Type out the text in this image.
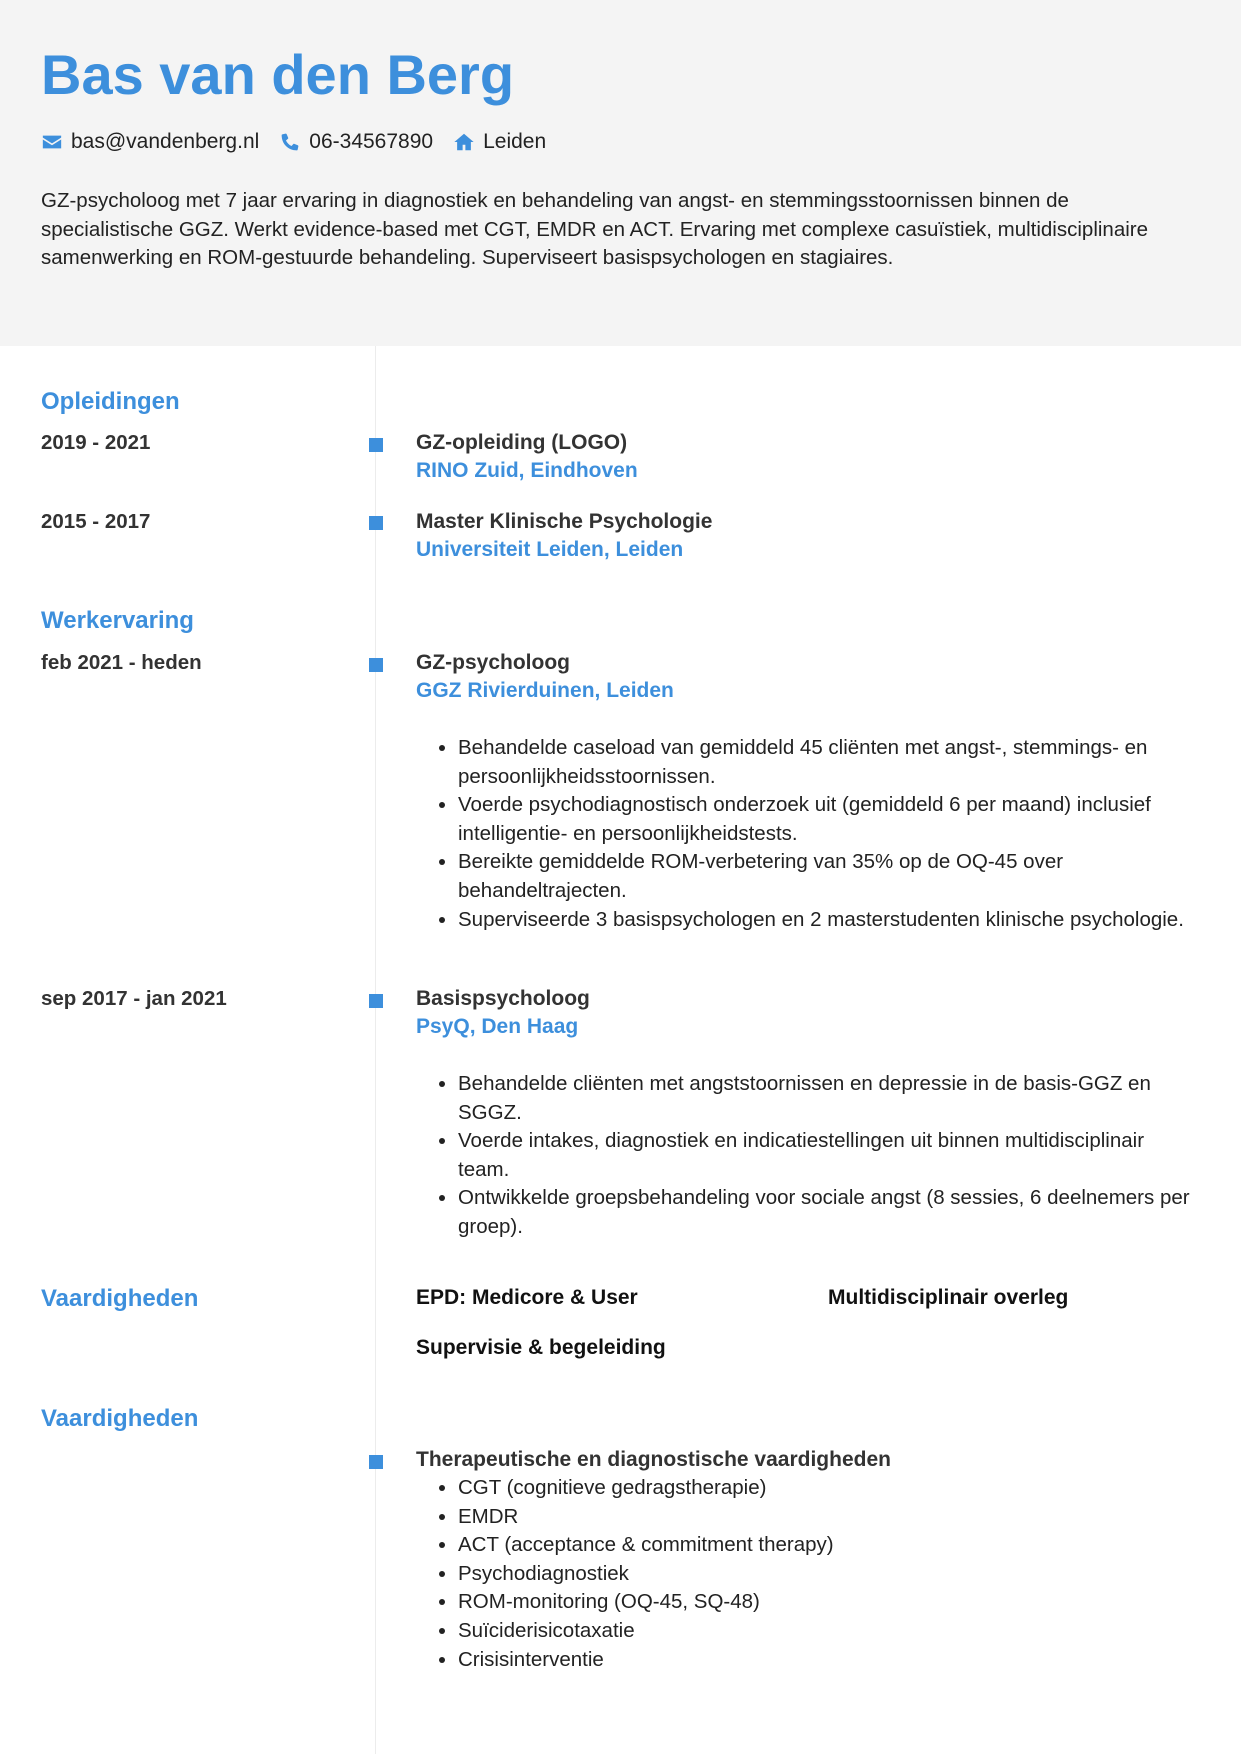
Bas van den Berg
bas@vandenberg.nl 06-34567890 Leiden

GZ-psycholoog met 7 jaar ervaring in diagnostiek en behandeling van angst- en stemmingsstoornissen binnen de specialistische GGZ. Werkt evidence-based met CGT, EMDR en ACT. Ervaring met complexe casuïstiek, multidisciplinaire samenwerking en ROM-gestuurde behandeling. Superviseert basispsychologen en stagiaires.

Opleidingen
2019 - 2021	GZ-opleiding (LOGO)
RINO Zuid, Eindhoven
2015 - 2017	Master Klinische Psychologie
Universiteit Leiden, Leiden
Werkervaring
feb 2021 - heden	GZ-psycholoog
GGZ Rivierduinen, Leiden
• Behandelde caseload van gemiddeld 45 cliënten met angst-, stemmings- en persoonlijkheidsstoornissen.
• Voerde psychodiagnostisch onderzoek uit (gemiddeld 6 per maand) inclusief intelligentie- en persoonlijkheidstests.
• Bereikte gemiddelde ROM-verbetering van 35% op de OQ-45 over behandeltrajecten.
• Superviseerde 3 basispsychologen en 2 masterstudenten klinische psychologie.
sep 2017 - jan 2021	Basispsycholoog
PsyQ, Den Haag
• Behandelde cliënten met angststoornissen en depressie in de basis-GGZ en SGGZ.
• Voerde intakes, diagnostiek en indicatiestellingen uit binnen multidisciplinair team.
• Ontwikkelde groepsbehandeling voor sociale angst (8 sessies, 6 deelnemers per groep).
Vaardigheden	EPD: Medicore & User	Multidisciplinair overleg
Supervisie & begeleiding
Vaardigheden
Therapeutische en diagnostische vaardigheden
• CGT (cognitieve gedragstherapie)
• EMDR
• ACT (acceptance & commitment therapy)
• Psychodiagnostiek
• ROM-monitoring (OQ-45, SQ-48)
• Suïciderisicotaxatie
• Crisisinterventie
